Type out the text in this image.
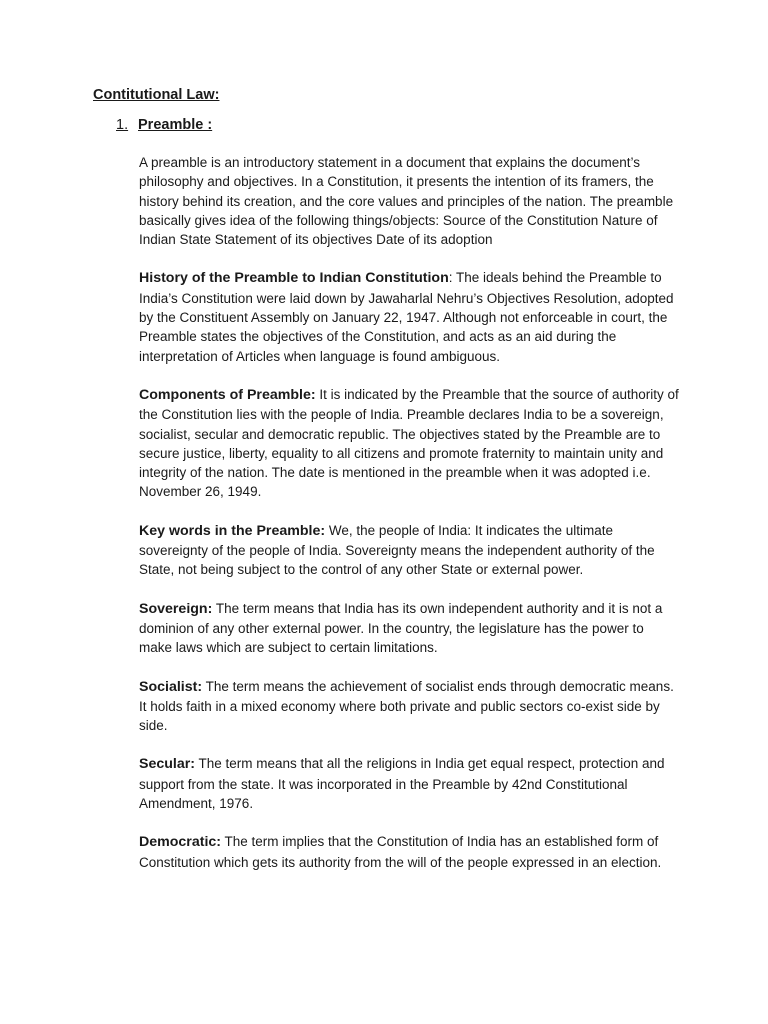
Contitutional Law:
1. Preamble :

A preamble is an introductory statement in a document that explains the document’s philosophy and objectives. In a Constitution, it presents the intention of its framers, the history behind its creation, and the core values and principles of the nation. The preamble basically gives idea of the following things/objects: Source of the Constitution Nature of Indian State Statement of its objectives Date of its adoption

History of the Preamble to Indian Constitution: The ideals behind the Preamble to India’s Constitution were laid down by Jawaharlal Nehru’s Objectives Resolution, adopted by the Constituent Assembly on January 22, 1947. Although not enforceable in court, the Preamble states the objectives of the Constitution, and acts as an aid during the interpretation of Articles when language is found ambiguous.

Components of Preamble: It is indicated by the Preamble that the source of authority of the Constitution lies with the people of India. Preamble declares India to be a sovereign, socialist, secular and democratic republic. The objectives stated by the Preamble are to secure justice, liberty, equality to all citizens and promote fraternity to maintain unity and integrity of the nation. The date is mentioned in the preamble when it was adopted i.e. November 26, 1949.

Key words in the Preamble: We, the people of India: It indicates the ultimate sovereignty of the people of India. Sovereignty means the independent authority of the State, not being subject to the control of any other State or external power.

Sovereign: The term means that India has its own independent authority and it is not a dominion of any other external power. In the country, the legislature has the power to make laws which are subject to certain limitations.

Socialist: The term means the achievement of socialist ends through democratic means. It holds faith in a mixed economy where both private and public sectors co-exist side by side.

Secular: The term means that all the religions in India get equal respect, protection and support from the state. It was incorporated in the Preamble by 42nd Constitutional Amendment, 1976.

Democratic: The term implies that the Constitution of India has an established form of Constitution which gets its authority from the will of the people expressed in an election.
